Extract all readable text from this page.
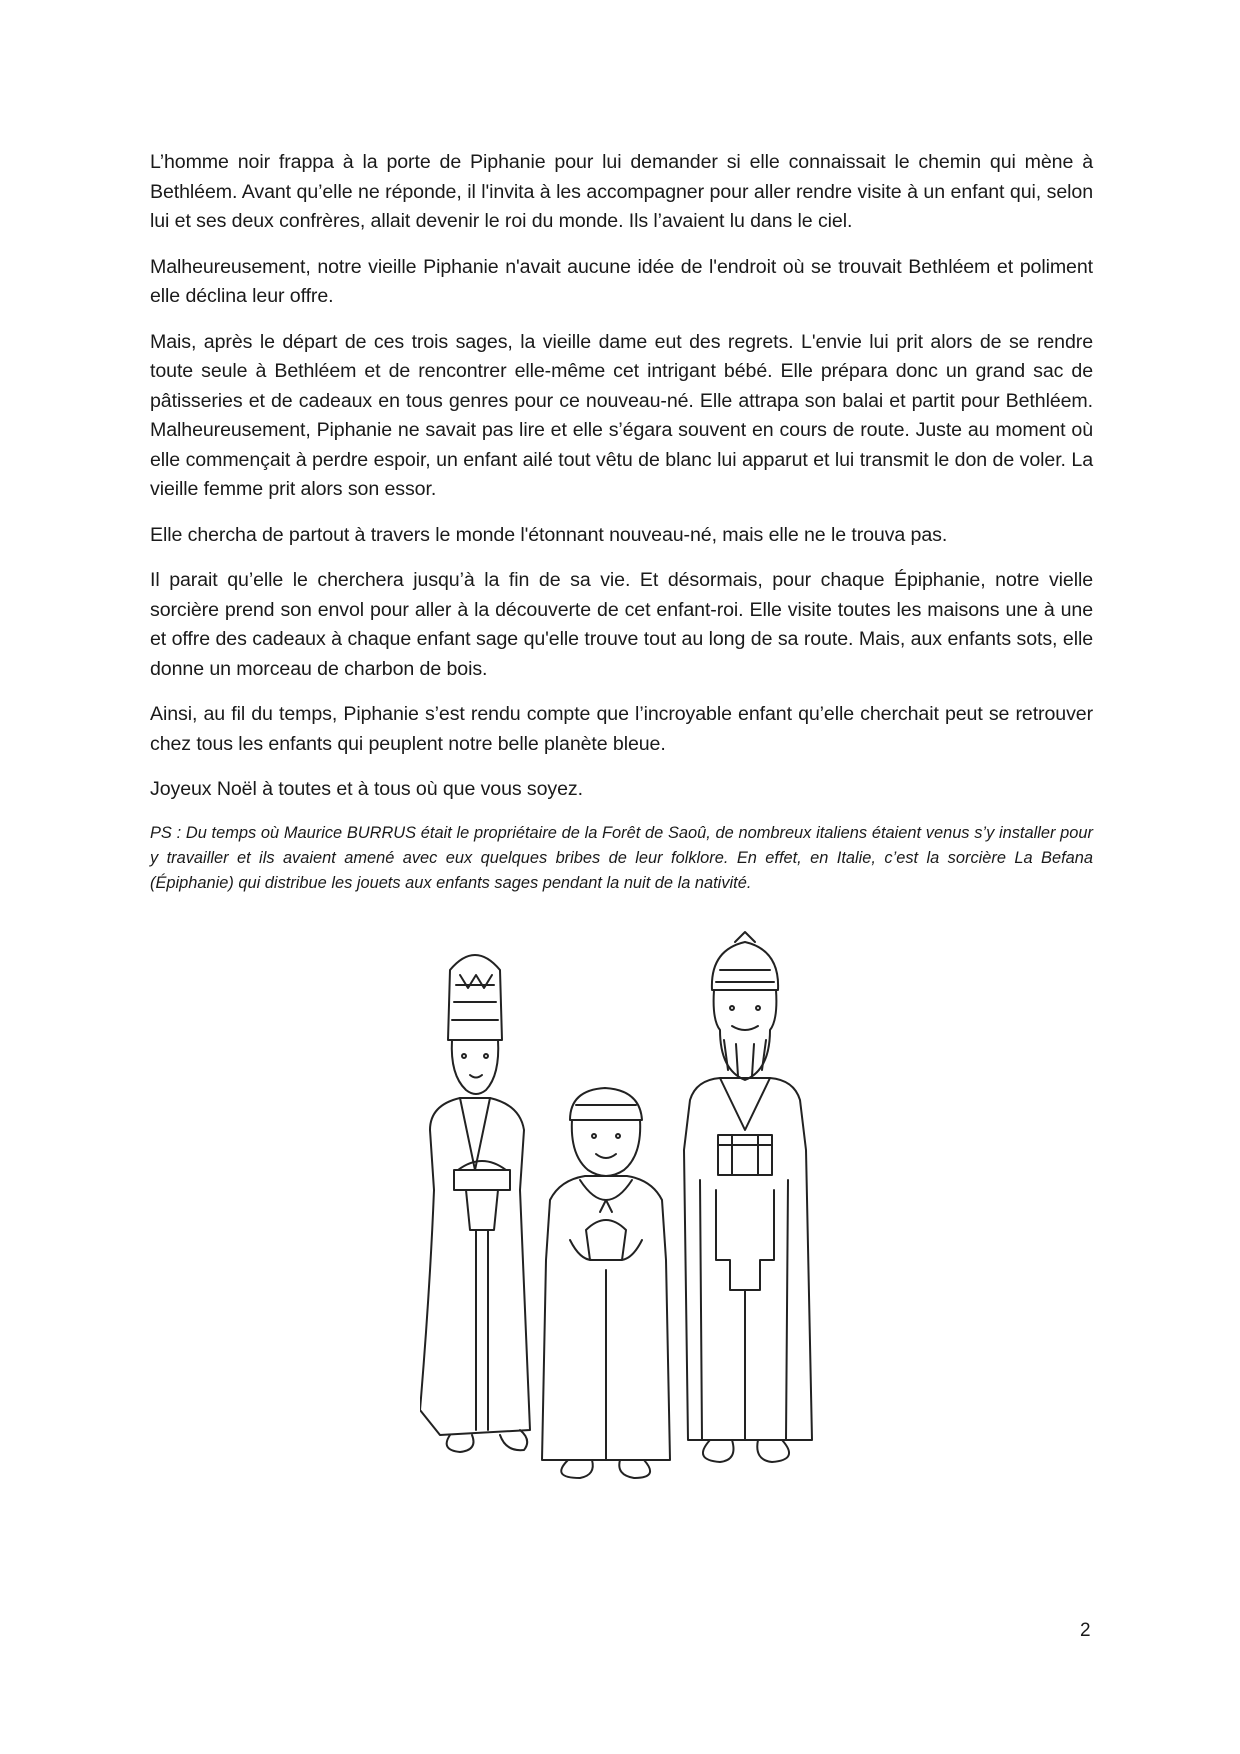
L’homme noir frappa à la porte de Piphanie pour lui demander si elle connaissait le chemin qui mène à Bethléem. Avant qu’elle ne réponde, il l'invita à les accompagner pour aller rendre visite à un enfant qui, selon lui et ses deux confrères, allait devenir le roi du monde. Ils l’avaient lu dans le ciel.

Malheureusement, notre vieille Piphanie n'avait aucune idée de l'endroit où se trouvait Bethléem et poliment elle déclina leur offre.

Mais, après le départ de ces trois sages, la vieille dame eut des regrets. L'envie lui prit alors de se rendre toute seule à Bethléem et de rencontrer elle-même cet intrigant bébé. Elle prépara donc un grand sac de pâtisseries et de cadeaux en tous genres pour ce nouveau-né. Elle attrapa son balai et partit pour Bethléem. Malheureusement, Piphanie ne savait pas lire et elle s’égara souvent en cours de route. Juste au moment où elle commençait à perdre espoir, un enfant ailé tout vêtu de blanc lui apparut et lui transmit le don de voler. La vieille femme prit alors son essor.

Elle chercha de partout à travers le monde l'étonnant nouveau-né, mais elle ne le trouva pas.

Il parait qu’elle le cherchera jusqu’à la fin de sa vie. Et désormais, pour chaque Épiphanie, notre vielle sorcière prend son envol pour aller à la découverte de cet enfant-roi. Elle visite toutes les maisons une à une et offre des cadeaux à chaque enfant sage qu'elle trouve tout au long de sa route. Mais, aux enfants sots, elle donne un morceau de charbon de bois.

Ainsi, au fil du temps, Piphanie s’est rendu compte que l’incroyable enfant qu’elle cherchait peut se retrouver chez tous les enfants qui peuplent notre belle planète bleue.

Joyeux Noël à toutes et à tous où que vous soyez.

PS : Du temps où Maurice BURRUS était le propriétaire de la Forêt de Saoû, de nombreux italiens étaient venus s’y installer pour y travailler et ils avaient amené avec eux quelques bribes de leur folklore. En effet, en Italie, c’est la sorcière La Befana (Épiphanie) qui distribue les jouets aux enfants sages pendant la nuit de la nativité.

2
